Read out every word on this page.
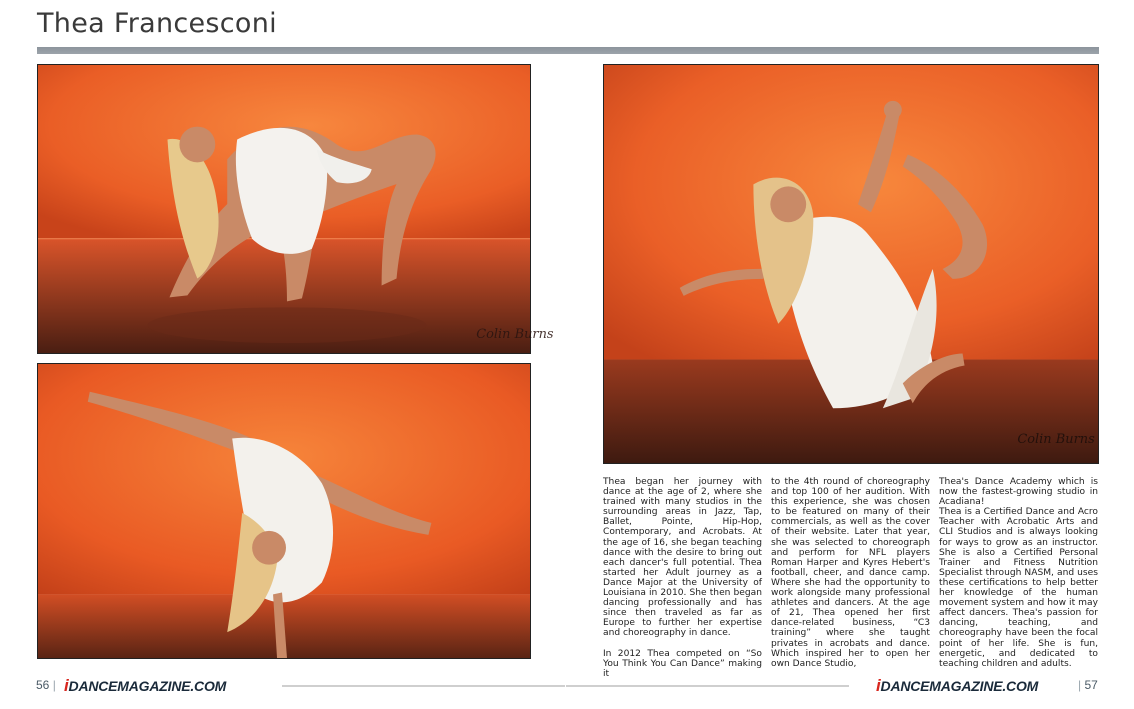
Thea Francesconi
Colin Burns
Colin Burns

Thea began her journey with dance at the age of 2, where she trained with many studios in the surrounding areas in Jazz, Tap, Ballet, Pointe, Hip-Hop, Contemporary, and Acrobats. At the age of 16, she began teaching dance with the desire to bring out each dancer's full potential. Thea started her Adult journey as a Dance Major at the University of Louisiana in 2010. She then began dancing professionally and has since then traveled as far as Europe to further her expertise and choreography in dance.

In 2012 Thea competed on “So You Think You Can Dance” making it

to the 4th round of choreography and top 100 of her audition. With this experience, she was chosen to be featured on many of their commercials, as well as the cover of their website. Later that year, she was selected to choreograph and perform for NFL players Roman Harper and Kyres Hebert's football, cheer, and dance camp. Where she had the opportunity to work alongside many professional athletes and dancers. At the age of 21, Thea opened her first dance-related business, “C3 training” where she taught privates in acrobats and dance. Which inspired her to open her own Dance Studio,

Thea's Dance Academy which is now the fastest-growing studio in Acadiana!

Thea is a Certified Dance and Acro Teacher with Acrobatic Arts and CLI Studios and is always looking for ways to grow as an instructor. She is also a Certified Personal Trainer and Fitness Nutrition Specialist through NASM, and uses these certifications to help better her knowledge of the human movement system and how it may affect dancers. Thea's passion for dancing, teaching, and choreography have been the focal point of her life. She is fun, energetic, and dedicated to teaching children and adults.

56 | iDANCEMAGAZINE.COM	iDANCEMAGAZINE.COM	| 57
